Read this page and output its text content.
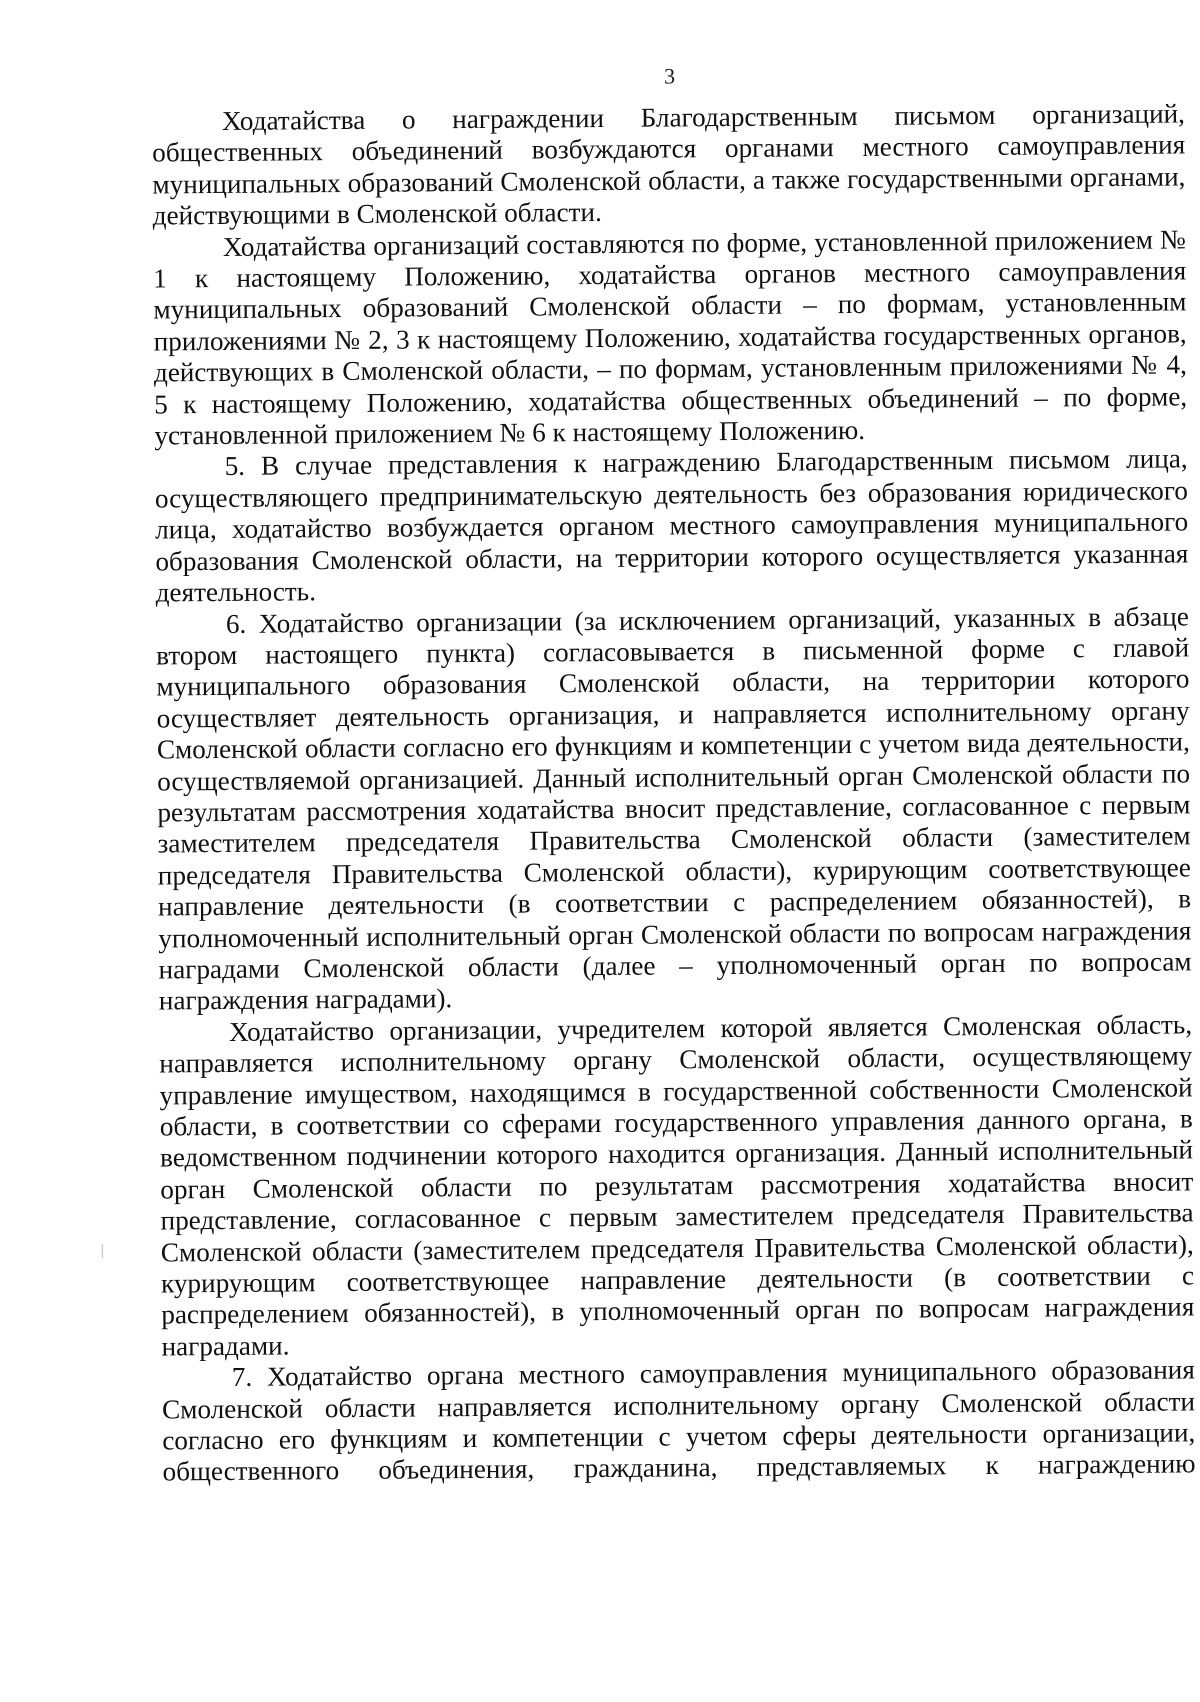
3

Ходатайства о награждении Благодарственным письмом организаций, общественных объединений возбуждаются органами местного самоуправления муниципальных образований Смоленской области, а также государственными органами, действующими в Смоленской области.

Ходатайства организаций составляются по форме, установленной приложением № 1 к настоящему Положению, ходатайства органов местного самоуправления муниципальных образований Смоленской области – по формам, установленным приложениями № 2, 3 к настоящему Положению, ходатайства государственных органов, действующих в Смоленской области, – по формам, установленным приложениями № 4, 5 к настоящему Положению, ходатайства общественных объединений – по форме, установленной приложением № 6 к настоящему Положению.

5. В случае представления к награждению Благодарственным письмом лица, осуществляющего предпринимательскую деятельность без образования юридического лица, ходатайство возбуждается органом местного самоуправления муниципального образования Смоленской области, на территории которого осуществляется указанная деятельность.

6. Ходатайство организации (за исключением организаций, указанных в абзаце втором настоящего пункта) согласовывается в письменной форме с главой муниципального образования Смоленской области, на территории которого осуществляет деятельность организация, и направляется исполнительному органу Смоленской области согласно его функциям и компетенции с учетом вида деятельности, осуществляемой организацией. Данный исполнительный орган Смоленской области по результатам рассмотрения ходатайства вносит представление, согласованное с первым заместителем председателя Правительства Смоленской области (заместителем председателя Правительства Смоленской области), курирующим соответствующее направление деятельности (в соответствии с распределением обязанностей), в уполномоченный исполнительный орган Смоленской области по вопросам награждения наградами Смоленской области (далее – уполномоченный орган по вопросам награждения наградами).

Ходатайство организации, учредителем которой является Смоленская область, направляется исполнительному органу Смоленской области, осуществляющему управление имуществом, находящимся в государственной собственности Смоленской области, в соответствии со сферами государственного управления данного органа, в ведомственном подчинении которого находится организация. Данный исполнительный орган Смоленской области по результатам рассмотрения ходатайства вносит представление, согласованное с первым заместителем председателя Правительства Смоленской области (заместителем председателя Правительства Смоленской области), курирующим соответствующее направление деятельности (в соответствии с распределением обязанностей), в уполномоченный орган по вопросам награждения наградами.

7. Ходатайство органа местного самоуправления муниципального образования Смоленской области направляется исполнительному органу Смоленской области согласно его функциям и компетенции с учетом сферы деятельности организации, общественного объединения, гражданина, представляемых к награждению
